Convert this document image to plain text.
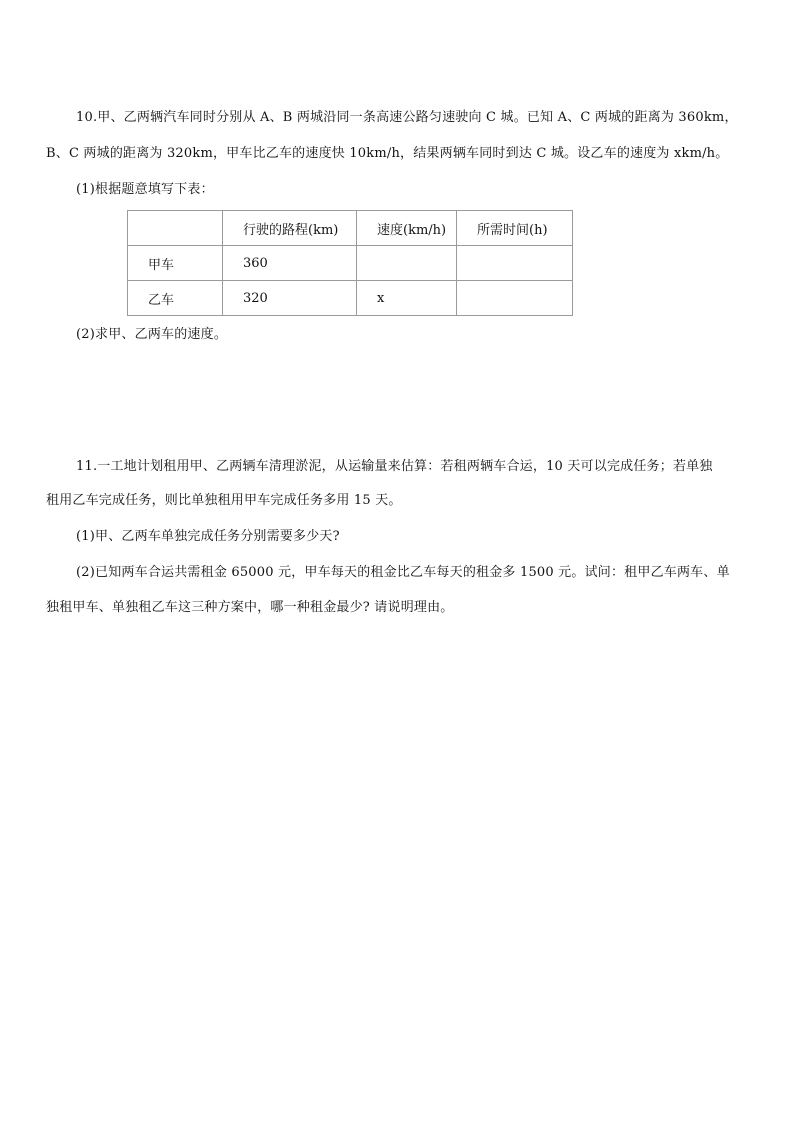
10.甲、乙两辆汽车同时分别从 A、B 两城沿同一条高速公路匀速驶向 C 城。已知 A、C 两城的距离为 360km，
B、C 两城的距离为 320km，甲车比乙车的速度快 10km/h，结果两辆车同时到达 C 城。设乙车的速度为 xkm/h。
(1)根据题意填写下表：
	行驶的路程(km)	速度(km/h)	所需时间(h)
甲车	360		
乙车	320	x	
(2)求甲、乙两车的速度。
11.一工地计划租用甲、乙两辆车清理淤泥，从运输量来估算：若租两辆车合运，10 天可以完成任务；若单独
租用乙车完成任务，则比单独租用甲车完成任务多用 15 天。
(1)甲、乙两车单独完成任务分别需要多少天?
(2)已知两车合运共需租金 65000 元，甲车每天的租金比乙车每天的租金多 1500 元。试问：租甲乙车两车、单
独租甲车、单独租乙车这三种方案中，哪一种租金最少? 请说明理由。
